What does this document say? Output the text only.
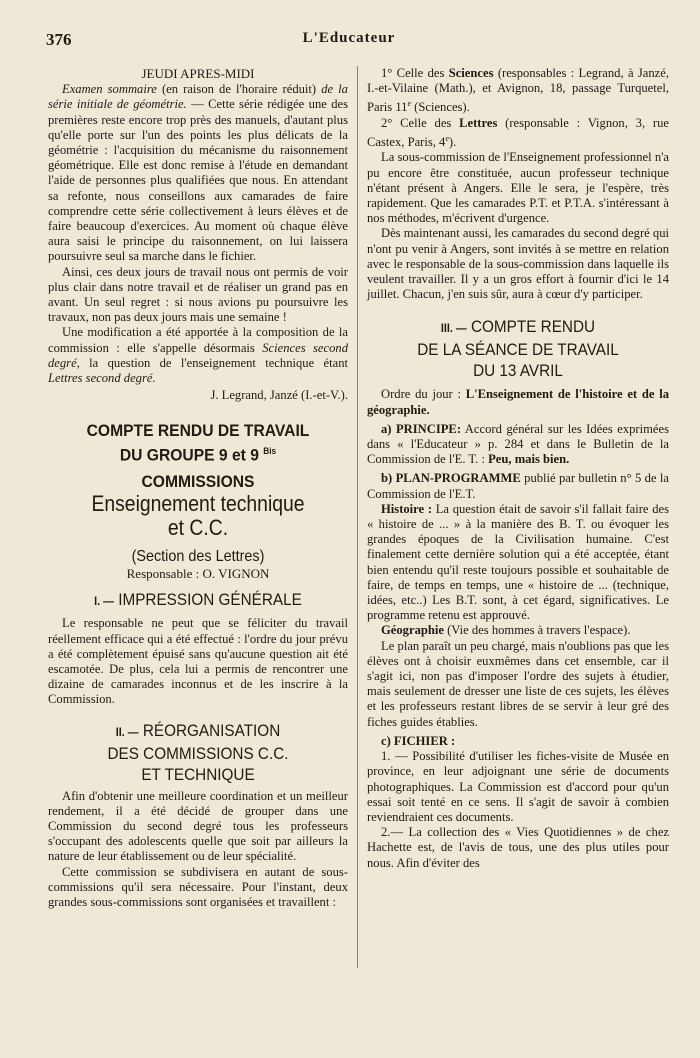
376	L'Educateur
JEUDI APRES-MIDI

Examen sommaire (en raison de l'horaire réduit) de la série initiale de géométrie. — Cette série rédigée une des premières reste encore trop près des manuels, d'autant plus qu'elle porte sur l'un des points les plus délicats de la géométrie : l'acquisition du mécanisme du raisonnement géométrique. Elle est donc remise à l'étude en demandant l'aide de personnes plus qualifiées que nous. En attendant sa refonte, nous conseillons aux camarades de faire comprendre cette série collectivement à leurs élèves et de faire beaucoup d'exercices. Au moment où chaque élève aura saisi le principe du raisonnement, on lui laissera poursuivre seul sa marche dans le fichier.

Ainsi, ces deux jours de travail nous ont permis de voir plus clair dans notre travail et de réaliser un grand pas en avant. Un seul regret : si nous avions pu poursuivre les travaux, non pas deux jours mais une semaine !

Une modification a été apportée à la composition de la commission : elle s'appelle désormais Sciences second degré, la question de l'enseignement technique étant Lettres second degré.

J. Legrand, Janzé (I.-et-V.).
COMPTE RENDU DE TRAVAIL
DU GROUPE 9 et 9 $^{Bis}$
COMMISSIONS
Enseignement technique
et C.C.
(Section des Lettres)
Responsable : O. VIGNON
I. — IMPRESSION GÉNÉRALE

Le responsable ne peut que se féliciter du travail réellement efficace qui a été effectué : l'ordre du jour prévu a été complètement épuisé sans qu'aucune question ait été escamotée. De plus, cela lui a permis de rencontrer une dizaine de camarades inconnus et de les inscrire à la Commission.

II. — RÉORGANISATION
DES COMMISSIONS C.C.
ET TECHNIQUE

Afin d'obtenir une meilleure coordination et un meilleur rendement, il a été décidé de grouper dans une Commission du second degré tous les professeurs s'occupant des adolescents quelle que soit par ailleurs la nature de leur établissement ou de leur spécialité.

Cette commission se subdivisera en autant de sous-commissions qu'il sera nécessaire. Pour l'instant, deux grandes sous-commissions sont organisées et travaillent :

1° Celle des Sciences (responsables : Legrand, à Janzé, I.-et-Vilaine (Math.), et Avignon, 18, passage Turquetel, Paris 11e (Sciences).

2° Celle des Lettres (responsable : Vignon, 3, rue Castex, Paris, 4e).

La sous-commission de l'Enseignement professionnel n'a pu encore être constituée, aucun professeur technique n'étant présent à Angers. Elle le sera, je l'espère, très rapidement. Que les camarades P.T. et P.T.A. s'intéressant à nos méthodes, m'écrivent d'urgence.

Dès maintenant aussi, les camarades du second degré qui n'ont pu venir à Angers, sont invités à se mettre en relation avec le responsable de la sous-commission dans laquelle ils veulent travailler. Il y a un gros effort à fournir d'ici le 14 juillet. Chacun, j'en suis sûr, aura à cœur d'y participer.

III. — COMPTE RENDU
DE LA SÉANCE DE TRAVAIL
DU 13 AVRIL

Ordre du jour : L'Enseignement de l'histoire et de la géographie.

a) PRINCIPE: Accord général sur les Idées exprimées dans « l'Educateur » p. 284 et dans le Bulletin de la Commission de l'E. T. : Peu, mais bien.

b) PLAN-PROGRAMME publié par bulletin n° 5 de la Commission de l'E.T.

Histoire : La question était de savoir s'il fallait faire des « histoire de ... » à la manière des B. T. ou évoquer les grandes époques de la Civilisation humaine. C'est finalement cette dernière solution qui a été acceptée, étant bien entendu qu'il reste toujours possible et souhaitable de faire, de temps en temps, une « histoire de ... (technique, idées, etc..) Les B.T. sont, à cet égard, significatives. Le programme retenu est approuvé.

Géographie (Vie des hommes à travers l'espace).

Le plan paraît un peu chargé, mais n'oublions pas que les élèves ont à choisir euxmêmes dans cet ensemble, car il s'agit ici, non pas d'imposer l'ordre des sujets à étudier, mais seulement de dresser une liste de ces sujets, les élèves et les professeurs restant libres de se servir à leur gré des fiches guides établies.

c) FICHIER :

1. — Possibilité d'utiliser les fiches-visite de Musée en province, en leur adjoignant une série de documents photographiques. La Commission est d'accord pour qu'un essai soit tenté en ce sens. Il s'agit de savoir à combien reviendraient ces documents.

2.— La collection des « Vies Quotidiennes » de chez Hachette est, de l'avis de tous, une des plus utiles pour nous. Afin d'éviter des
